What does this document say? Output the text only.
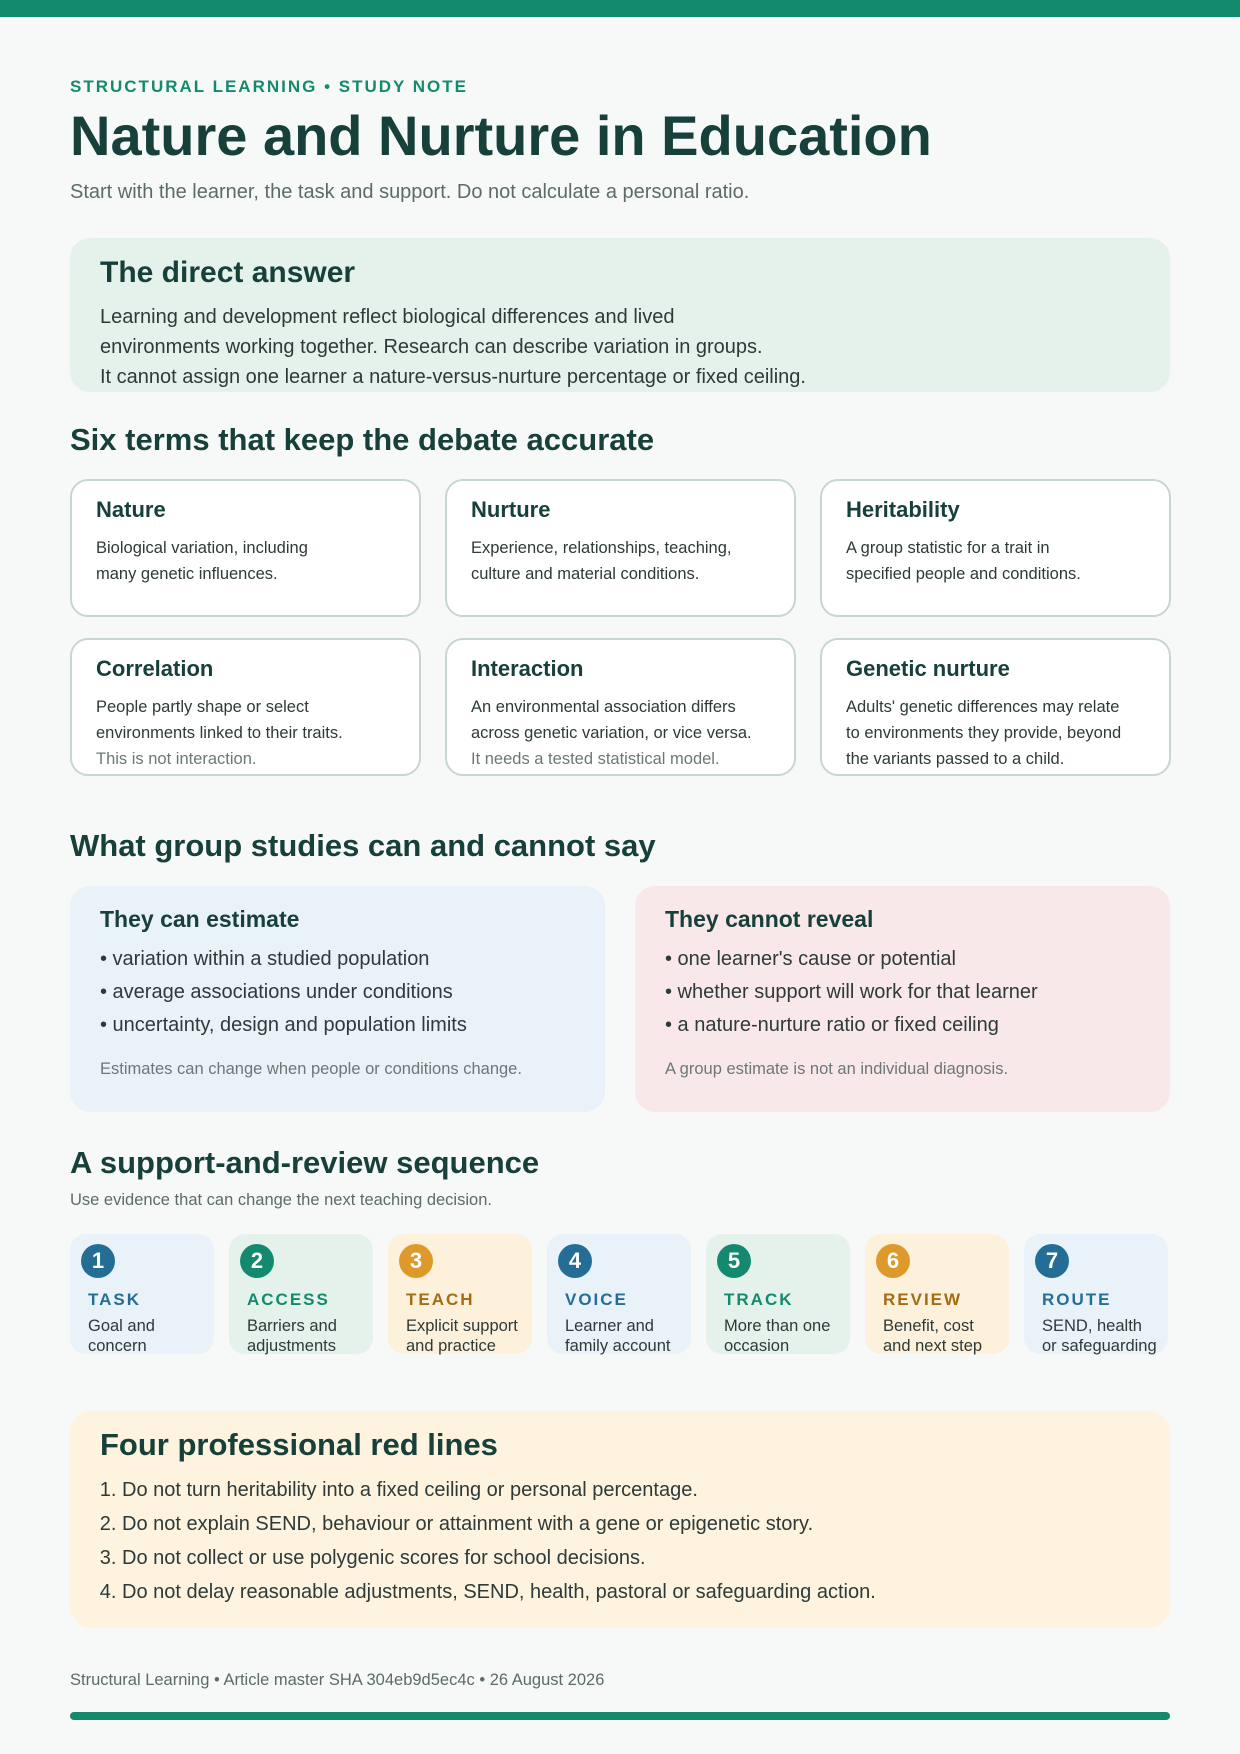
STRUCTURAL LEARNING • STUDY NOTE
Nature and Nurture in Education
Start with the learner, the task and support. Do not calculate a personal ratio.
The direct answer

Learning and development reflect biological differences and lived
environments working together. Research can describe variation in groups.
It cannot assign one learner a nature-versus-nurture percentage or fixed ceiling.

Six terms that keep the debate accurate
Nature

Biological variation, including
many genetic influences.

Nurture

Experience, relationships, teaching,
culture and material conditions.

Heritability

A group statistic for a trait in
specified people and conditions.

Correlation

People partly shape or select
environments linked to their traits.
This is not interaction.

Interaction

An environmental association differs
across genetic variation, or vice versa.
It needs a tested statistical model.

Genetic nurture

Adults' genetic differences may relate
to environments they provide, beyond
the variants passed to a child.

What group studies can and cannot say
They can estimate
• variation within a studied population
• average associations under conditions
• uncertainty, design and population limits
Estimates can change when people or conditions change.
They cannot reveal
• one learner's cause or potential
• whether support will work for that learner
• a nature-nurture ratio or fixed ceiling
A group estimate is not an individual diagnosis.
A support-and-review sequence
Use evidence that can change the next teaching decision.
1
TASK
Goal and
concern
2
ACCESS
Barriers and
adjustments
3
TEACH
Explicit support
and practice
4
VOICE
Learner and
family account
5
TRACK
More than one
occasion
6
REVIEW
Benefit, cost
and next step
7
ROUTE
SEND, health
or safeguarding
Four professional red lines
1. Do not turn heritability into a fixed ceiling or personal percentage.
2. Do not explain SEND, behaviour or attainment with a gene or epigenetic story.
3. Do not collect or use polygenic scores for school decisions.
4. Do not delay reasonable adjustments, SEND, health, pastoral or safeguarding action.
Structural Learning • Article master SHA 304eb9d5ec4c • 26 August 2026
